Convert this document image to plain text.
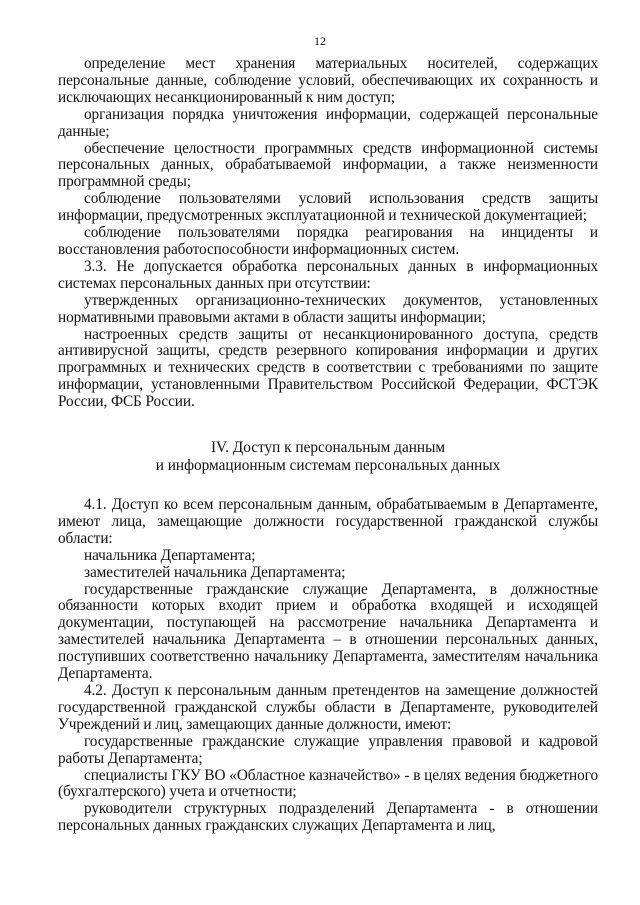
12

определение мест хранения материальных носителей, содержащих персональные данные, соблюдение условий, обеспечивающих их сохранность и исключающих несанкционированный к ним доступ;

организация порядка уничтожения информации, содержащей персональные данные;

обеспечение целостности программных средств информационной системы персональных данных, обрабатываемой информации, а также неизменности программной среды;

соблюдение пользователями условий использования средств защиты информации, предусмотренных эксплуатационной и технической документацией;

соблюдение пользователями порядка реагирования на инциденты и восстановления работоспособности информационных систем.

3.3. Не допускается обработка персональных данных в информационных системах персональных данных при отсутствии:

утвержденных организационно-технических документов, установленных нормативными правовыми актами в области защиты информации;

настроенных средств защиты от несанкционированного доступа, средств антивирусной защиты, средств резервного копирования информации и других программных и технических средств в соответствии с требованиями по защите информации, установленными Правительством Российской Федерации, ФСТЭК России, ФСБ России.

IV. Доступ к персональным данным
и информационным системам персональных данных

4.1. Доступ ко всем персональным данным, обрабатываемым в Департаменте, имеют лица, замещающие должности государственной гражданской службы области:

начальника Департамента;

заместителей начальника Департамента;

государственные гражданские служащие Департамента, в должностные обязанности которых входит прием и обработка входящей и исходящей документации, поступающей на рассмотрение начальника Департамента и заместителей начальника Департамента – в отношении персональных данных, поступивших соответственно начальнику Департамента, заместителям начальника Департамента.

4.2. Доступ к персональным данным претендентов на замещение должностей государственной гражданской службы области в Департаменте, руководителей Учреждений и лиц, замещающих данные должности, имеют:

государственные гражданские служащие управления правовой и кадровой работы Департамента;

специалисты ГКУ ВО «Областное казначейство» - в целях ведения бюджетного (бухгалтерского) учета и отчетности;

руководители структурных подразделений Департамента - в отношении персональных данных гражданских служащих Департамента и лиц,
